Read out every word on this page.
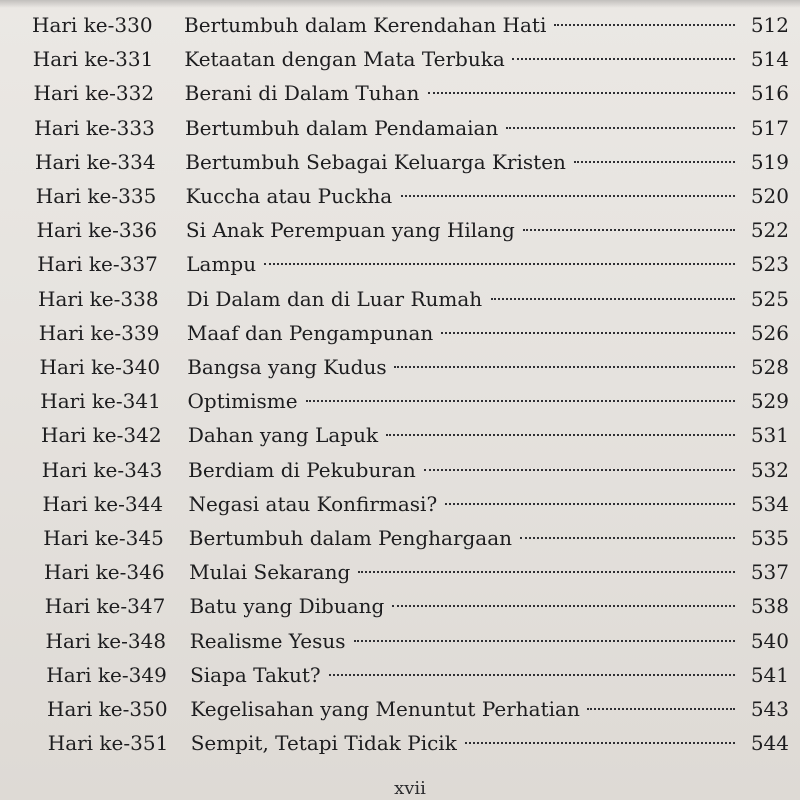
Hari ke-330 Bertumbuh dalam Kerendahan Hati	512
Hari ke-331 Ketaatan dengan Mata Terbuka	514
Hari ke-332 Berani di Dalam Tuhan	516
Hari ke-333 Bertumbuh dalam Pendamaian	517
Hari ke-334 Bertumbuh Sebagai Keluarga Kristen	519
Hari ke-335 Kuccha atau Puckha	520
Hari ke-336 Si Anak Perempuan yang Hilang	522
Hari ke-337 Lampu	523
Hari ke-338 Di Dalam dan di Luar Rumah	525
Hari ke-339 Maaf dan Pengampunan	526
Hari ke-340 Bangsa yang Kudus	528
Hari ke-341 Optimisme	529
Hari ke-342 Dahan yang Lapuk	531
Hari ke-343 Berdiam di Pekuburan	532
Hari ke-344 Negasi atau Konfirmasi?	534
Hari ke-345 Bertumbuh dalam Penghargaan	535
Hari ke-346 Mulai Sekarang	537
Hari ke-347 Batu yang Dibuang	538
Hari ke-348 Realisme Yesus	540
Hari ke-349 Siapa Takut?	541
Hari ke-350 Kegelisahan yang Menuntut Perhatian	543
Hari ke-351 Sempit, Tetapi Tidak Picik	544
xvii
